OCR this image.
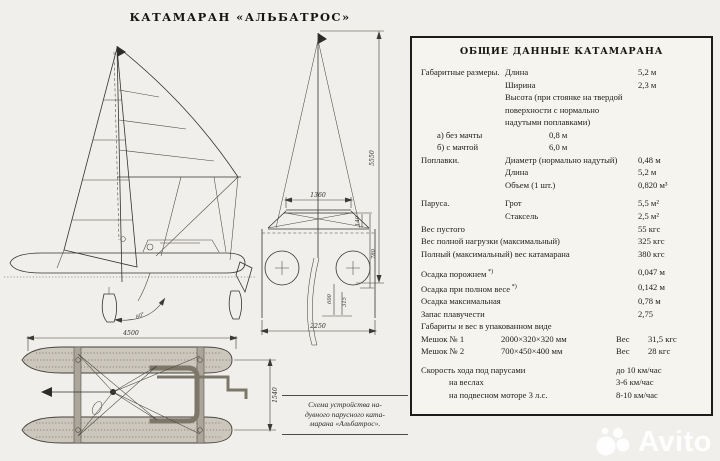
КАТАМАРАН «АЛЬБАТРОС»
5550
1360
2250
140
780
600 315
80°
4500
1540
Схема устройства на-
дувного парусного ката-
марана «Альбатрос».
ОБЩИЕ ДАННЫЕ КАТАМАРАНА
Габаритные размеры. Длина	5,2 м
Ширина	2,3 м
Высота (при стоянке на твердой поверхности с нормально надутыми поплавками)
а) без мачты	0,8 м
б) с мачтой	6,0 м
Поплавки.	Диаметр (нормально надутый)	0,48 м
Длина	5,2 м
Объем (1 шт.)	0,820 м³
Паруса.	Грот	5,5 м²
Стаксель	2,5 м²
Вес пустого	55 кгс
Вес полной нагрузки (максимальный)	325 кгс
Полный (максимальный) вес катамарана	380 кгс
Осадка порожнем *)	0,047 м
Осадка при полном весе *)	0,142 м
Осадка максимальная	0,78 м
Запас плавучести	2,75
Габариты и вес в упакованном виде
Мешок № 1	2000×320×320 мм	Вес	31,5 кгс
Мешок № 2	700×450×400 мм	Вес	28 кгс
Скорость хода под парусами	до 10 км/час
на веслах	3-6 км/час
на подвесном моторе 3 л.с.	8-10 км/час
Avito
